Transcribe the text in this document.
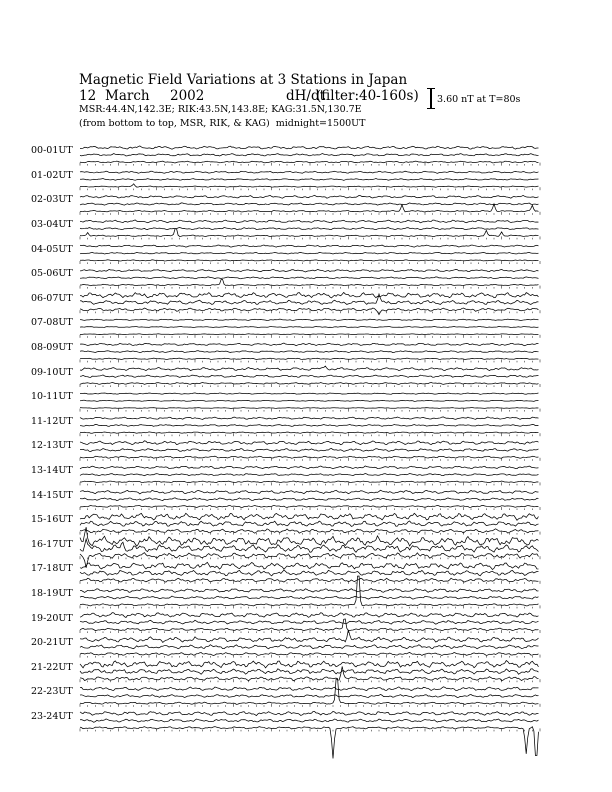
Magnetic Field Variations at 3 Stations in Japan
12 March 2002	dH/dt
(filter:40-160s)
MSR:44.4N,142.3E; RIK:43.5N,143.8E; KAG:31.5N,130.7E
(from bottom to top, MSR, RIK, & KAG) midnight=1500UT
3.60 nT at T=80s
00-01UT
01-02UT
02-03UT
03-04UT
04-05UT
05-06UT
06-07UT
07-08UT
08-09UT
09-10UT
10-11UT
11-12UT
12-13UT
13-14UT
14-15UT
15-16UT
16-17UT
17-18UT
18-19UT
19-20UT
20-21UT
21-22UT
22-23UT
23-24UT
